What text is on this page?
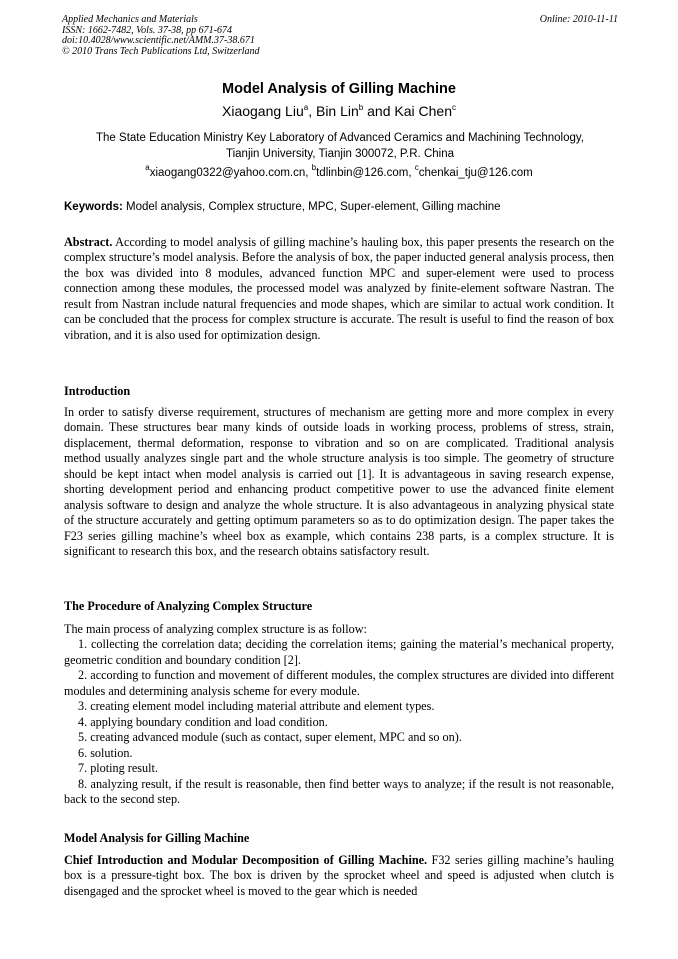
Applied Mechanics and Materials
ISSN: 1662-7482, Vols. 37-38, pp 671-674
doi:10.4028/www.scientific.net/AMM.37-38.671
© 2010 Trans Tech Publications Ltd, Switzerland
Online: 2010-11-11
Model Analysis of Gilling Machine
Xiaogang Liu$^a$, Bin Lin$^b$ and Kai Chen$^c$
The State Education Ministry Key Laboratory of Advanced Ceramics and Machining Technology,
Tianjin University, Tianjin 300072, P.R. China
$^a$xiaogang0322@yahoo.com.cn, $^b$tdlinbin@126.com, $^c$chenkai_tju@126.com
Keywords: Model analysis, Complex structure, MPC, Super-element, Gilling machine
Abstract. According to model analysis of gilling machine’s hauling box, this paper presents the research on the complex structure’s model analysis. Before the analysis of box, the paper inducted general analysis process, then the box was divided into 8 modules, advanced function MPC and super-element were used to process connection among these modules, the processed model was analyzed by finite-element software Nastran. The result from Nastran include natural frequencies and mode shapes, which are similar to actual work condition. It can be concluded that the process for complex structure is accurate. The result is useful to find the reason of box vibration, and it is also used for optimization design.
Introduction
In order to satisfy diverse requirement, structures of mechanism are getting more and more complex in every domain. These structures bear many kinds of outside loads in working process, problems of stress, strain, displacement, thermal deformation, response to vibration and so on are complicated. Traditional analysis method usually analyzes single part and the whole structure analysis is too simple. The geometry of structure should be kept intact when model analysis is carried out [1]. It is advantageous in saving research expense, shorting development period and enhancing product competitive power to use the advanced finite element analysis software to design and analyze the whole structure. It is also advantageous in analyzing physical state of the structure accurately and getting optimum parameters so as to do optimization design. The paper takes the F23 series gilling machine’s wheel box as example, which contains 238 parts, is a complex structure. It is significant to research this box, and the research obtains satisfactory result.
The Procedure of Analyzing Complex Structure
The main process of analyzing complex structure is as follow:
1. collecting the correlation data; deciding the correlation items; gaining the material’s mechanical property, geometric condition and boundary condition [2].
2. according to function and movement of different modules, the complex structures are divided into different modules and determining analysis scheme for every module.
3. creating element model including material attribute and element types.
4. applying boundary condition and load condition.
5. creating advanced module (such as contact, super element, MPC and so on).
6. solution.
7. ploting result.
8. analyzing result, if the result is reasonable, then find better ways to analyze; if the result is not reasonable, back to the second step.
Model Analysis for Gilling Machine
Chief Introduction and Modular Decomposition of Gilling Machine. F32 series gilling machine’s hauling box is a pressure-tight box. The box is driven by the sprocket wheel and speed is adjusted when clutch is disengaged and the sprocket wheel is moved to the gear which is needed
